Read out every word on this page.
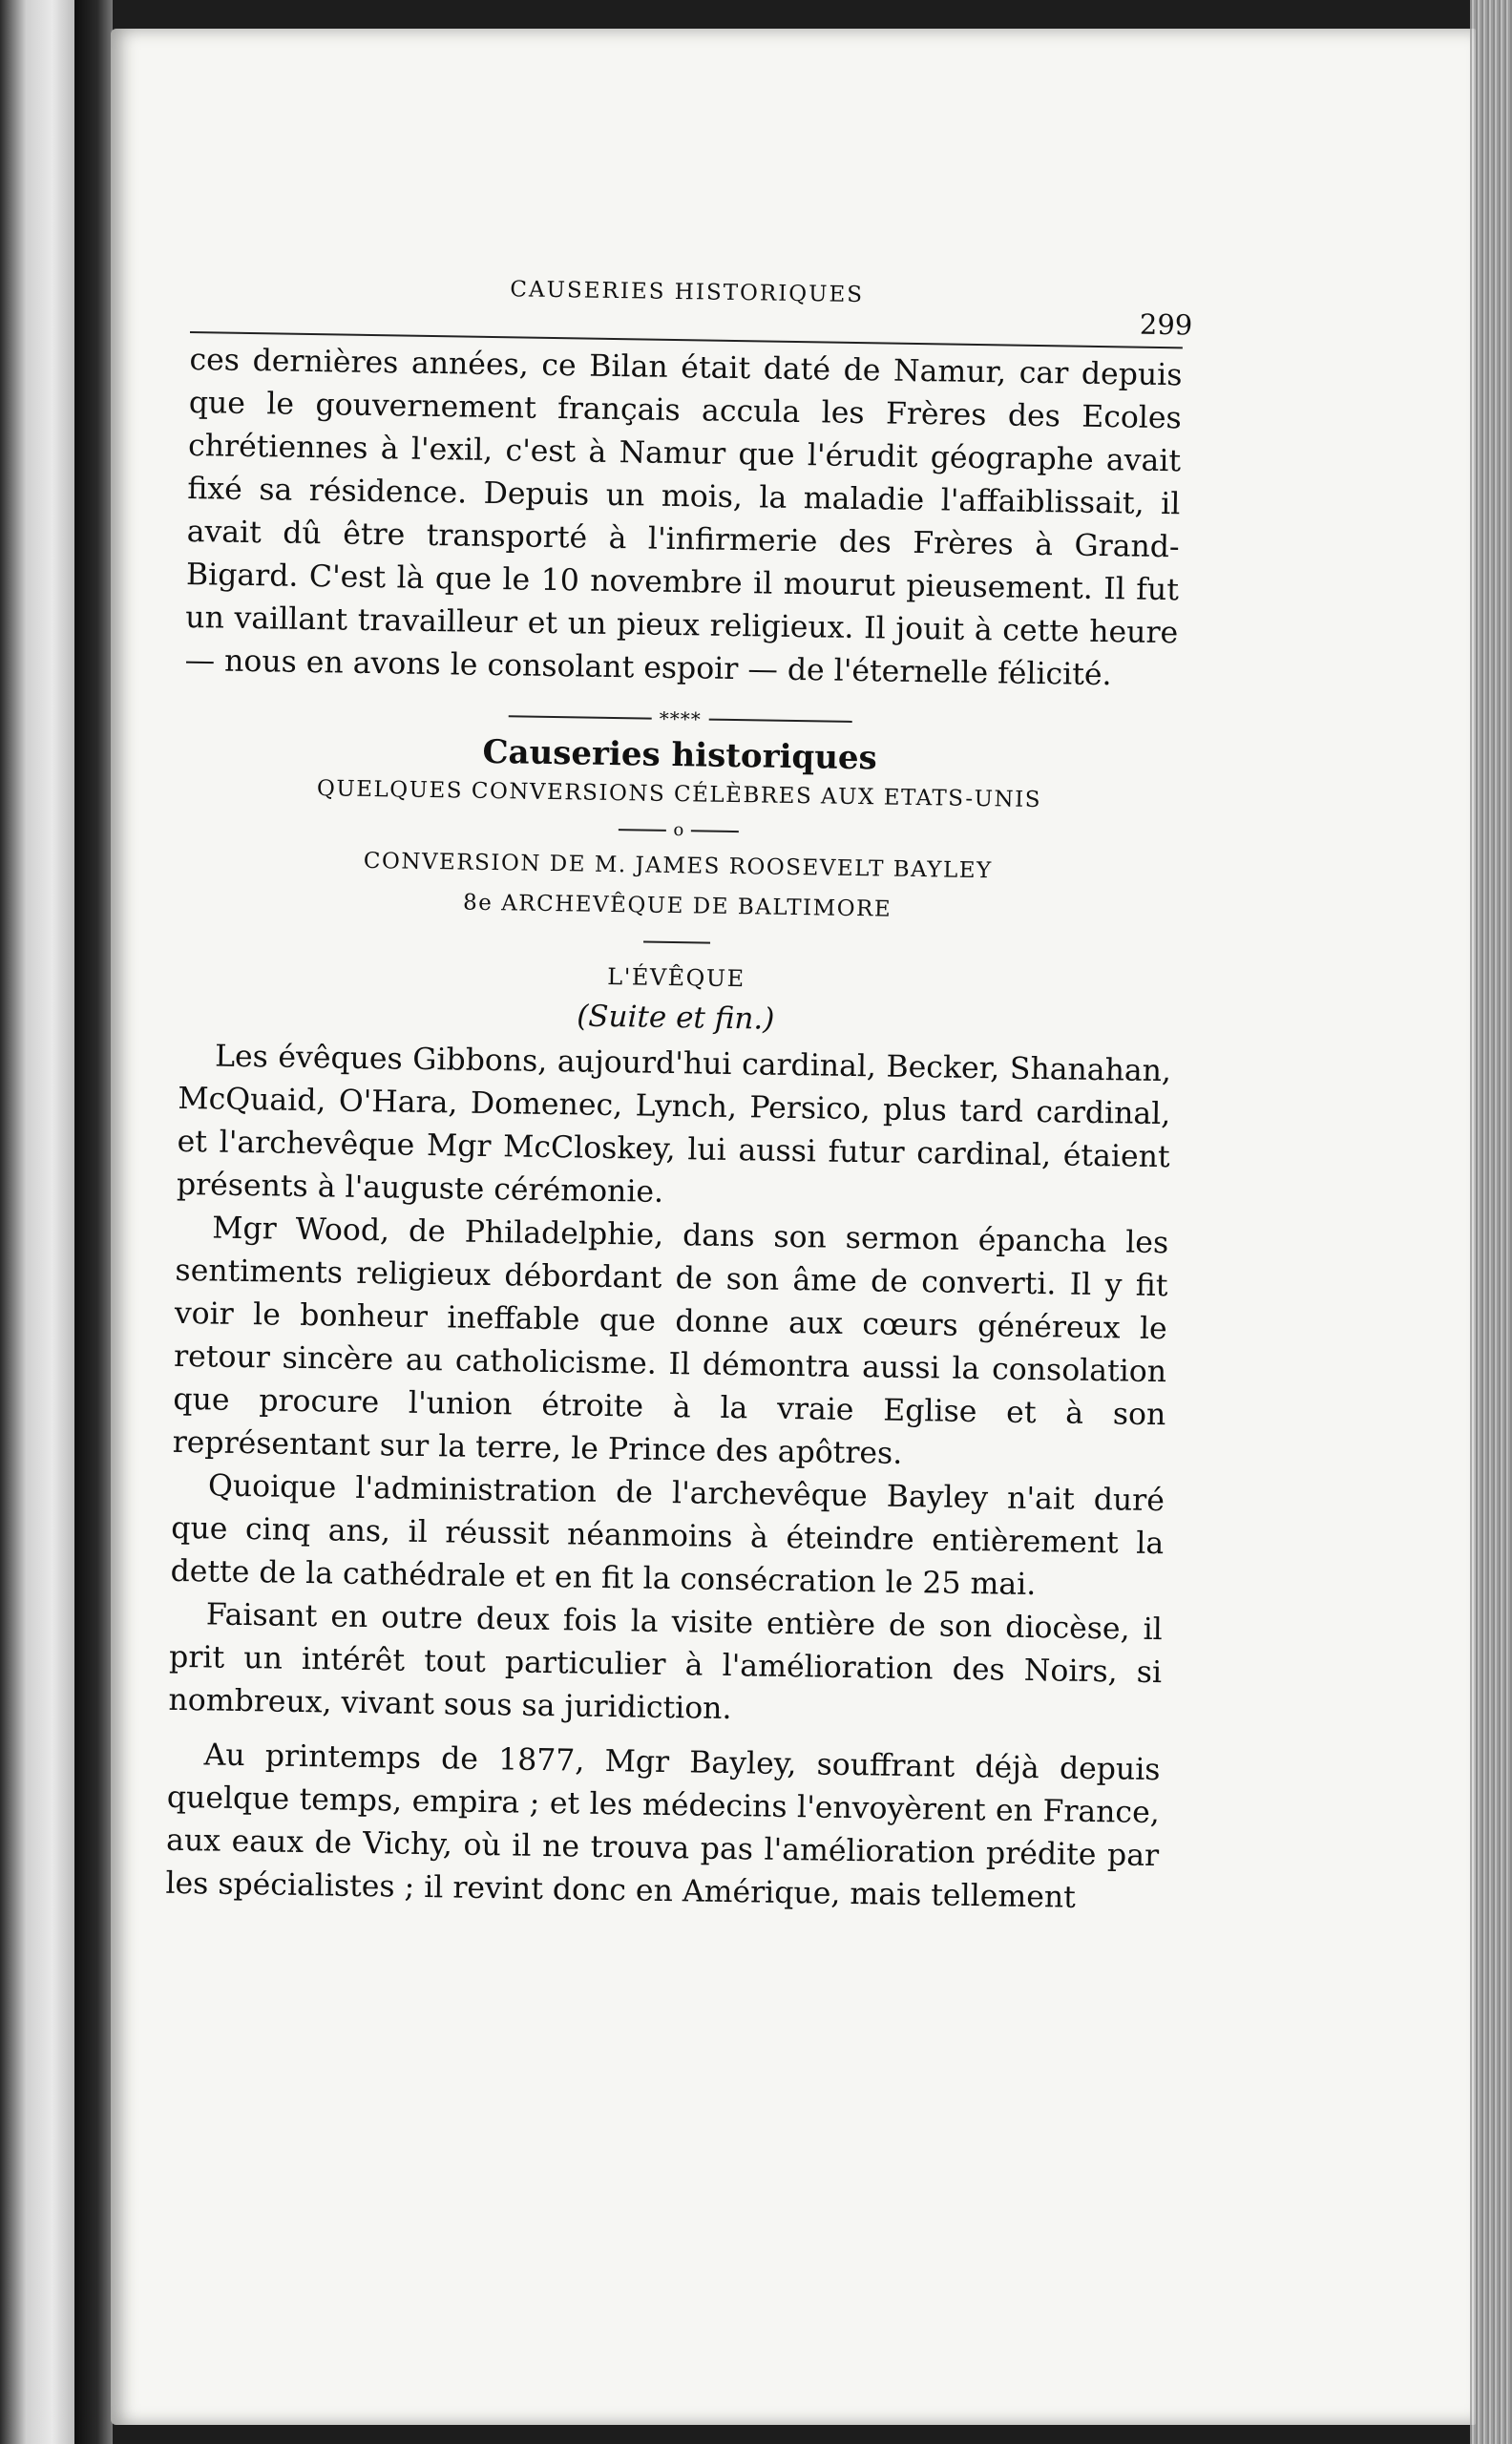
CAUSERIES HISTORIQUES
299

ces dernières années, ce Bilan était daté de Namur, car depuis que le gouvernement français accula les Frères des Ecoles chrétiennes à l'exil, c'est à Namur que l'érudit géographe avait fixé sa résidence. Depuis un mois, la maladie l'affaiblissait, il avait dû être transporté à l'infirmerie des Frères à Grand-Bigard. C'est là que le 10 novembre il mourut pieusement. Il fut un vaillant travailleur et un pieux religieux. Il jouit à cette heure — nous en avons le consolant espoir — de l'éternelle félicité.

****
Causeries historiques
QUELQUES CONVERSIONS CÉLÈBRES AUX ETATS-UNIS
o
CONVERSION DE M. JAMES ROOSEVELT BAYLEY
8e ARCHEVÊQUE DE BALTIMORE
L'ÉVÊQUE
(Suite et fin.)

Les évêques Gibbons, aujourd'hui cardinal, Becker, Shanahan, McQuaid, O'Hara, Domenec, Lynch, Persico, plus tard cardinal, et l'archevêque Mgr McCloskey, lui aussi futur cardinal, étaient présents à l'auguste cérémonie.

Mgr Wood, de Philadelphie, dans son sermon épancha les sentiments religieux débordant de son âme de converti. Il y fit voir le bonheur ineffable que donne aux cœurs généreux le retour sincère au catholicisme. Il démontra aussi la consolation que procure l'union étroite à la vraie Eglise et à son représentant sur la terre, le Prince des apôtres.

Quoique l'administration de l'archevêque Bayley n'ait duré que cinq ans, il réussit néanmoins à éteindre entièrement la dette de la cathédrale et en fit la consécration le 25 mai.

Faisant en outre deux fois la visite entière de son diocèse, il prit un intérêt tout particulier à l'amélioration des Noirs, si nombreux, vivant sous sa juridiction.

Au printemps de 1877, Mgr Bayley, souffrant déjà depuis quelque temps, empira ; et les médecins l'envoyèrent en France, aux eaux de Vichy, où il ne trouva pas l'amélioration prédite par les spécialistes ; il revint donc en Amérique, mais tellement
